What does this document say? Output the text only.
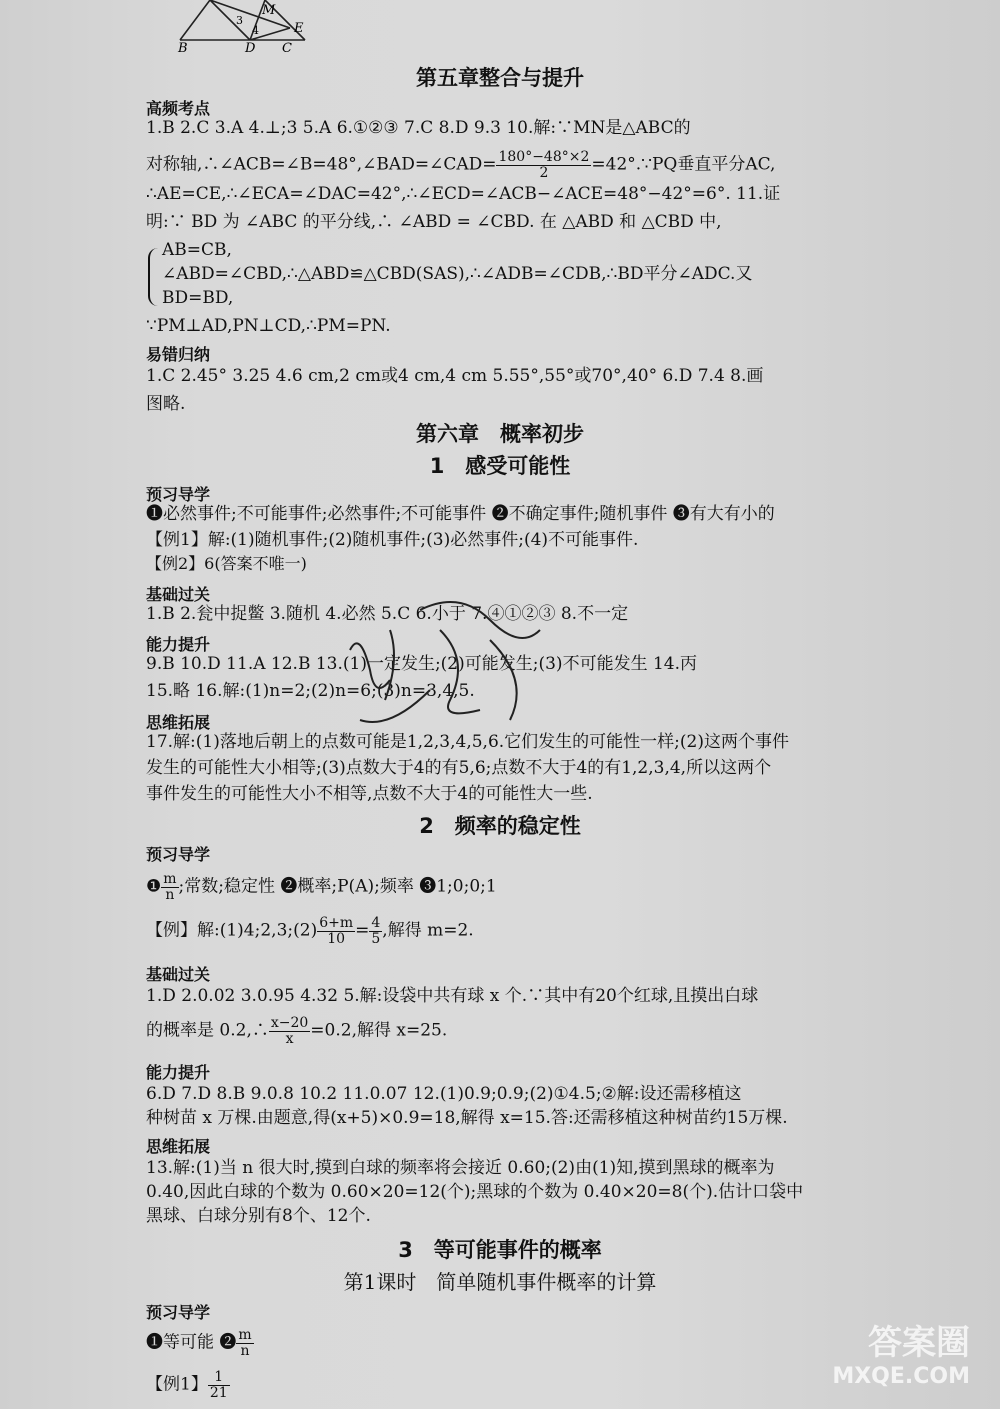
B	D C
E
M
3
4
第五章整合与提升
高频考点
1.B 2.C 3.A 4.⊥;3 5.A 6.①②③ 7.C 8.D 9.3 10.解:∵MN是△ABC的
对称轴,∴∠ACB=∠B=48°,∠BAD=∠CAD= $\frac{180^\circ-48^\circ\times 2}{2}$ =42°.∵PQ垂直平分AC,
∴AE=CE,∴∠ECA=∠DAC=42°,∴∠ECD=∠ACB−∠ACE=48°−42°=6°. 11.证
明:∵ BD 为 ∠ABC 的平分线,∴ ∠ABD = ∠CBD. 在 △ABD 和 △CBD 中,
AB=CB,
∠ABD=∠CBD,∴△ABD≌△CBD(SAS),∴∠ADB=∠CDB,∴BD平分∠ADC.又
BD=BD,
∵PM⊥AD,PN⊥CD,∴PM=PN.
易错归纳
1.C 2.45° 3.25 4.6 cm,2 cm或4 cm,4 cm 5.55°,55°或70°,40° 6.D 7.4 8.画
图略.
第六章　概率初步
1　感受可能性
预习导学
❶必然事件;不可能事件;必然事件;不可能事件 ❷不确定事件;随机事件 ❸有大有小的
【例1】解:(1)随机事件;(2)随机事件;(3)必然事件;(4)不可能事件.
【例2】6(答案不唯一)
基础过关
1.B 2.瓮中捉鳖 3.随机 4.必然 5.C 6.小于 7.④①②③ 8.不一定
能力提升
9.B 10.D 11.A 12.B 13.(1)一定发生;(2)可能发生;(3)不可能发生 14.丙
15.略 16.解:(1)n=2;(2)n=6;(3)n=3,4,5.
思维拓展
17.解:(1)落地后朝上的点数可能是1,2,3,4,5,6.它们发生的可能性一样;(2)这两个事件
发生的可能性大小相等;(3)点数大于4的有5,6;点数不大于4的有1,2,3,4,所以这两个
事件发生的可能性大小不相等,点数不大于4的可能性大一些.
2　频率的稳定性
预习导学
❶ $\frac{m}{n}$ ;常数;稳定性 ❷概率;P(A);频率 ❸1;0;0;1
【例】解:(1)4;2,3;(2) $\frac{6+m}{10} = \frac{4}{5}$ ,解得 m=2.
基础过关
1.D 2.0.02 3.0.95 4.32 5.解:设袋中共有球 x 个.∵其中有20个红球,且摸出白球
的概率是 0.2,∴ $\frac{x-20}{x} =0.2$,解得 x=25.
能力提升
6.D 7.D 8.B 9.0.8 10.2 11.0.07 12.(1)0.9;0.9;(2)①4.5;②解:设还需移植这
种树苗 x 万棵.由题意,得(x+5)×0.9=18,解得 x=15.答:还需移植这种树苗约15万棵.
思维拓展
13.解:(1)当 n 很大时,摸到白球的频率将会接近 0.60;(2)由(1)知,摸到黑球的概率为
0.40,因此白球的个数为 0.60×20=12(个);黑球的个数为 0.40×20=8(个).估计口袋中
黑球、白球分别有8个、12个.
3　等可能事件的概率
第1课时　简单随机事件概率的计算
预习导学
❶等可能 ❷ $\frac{m}{n}$
【例1】 $\frac{1}{21}$
答案圈
MXQE.COM
